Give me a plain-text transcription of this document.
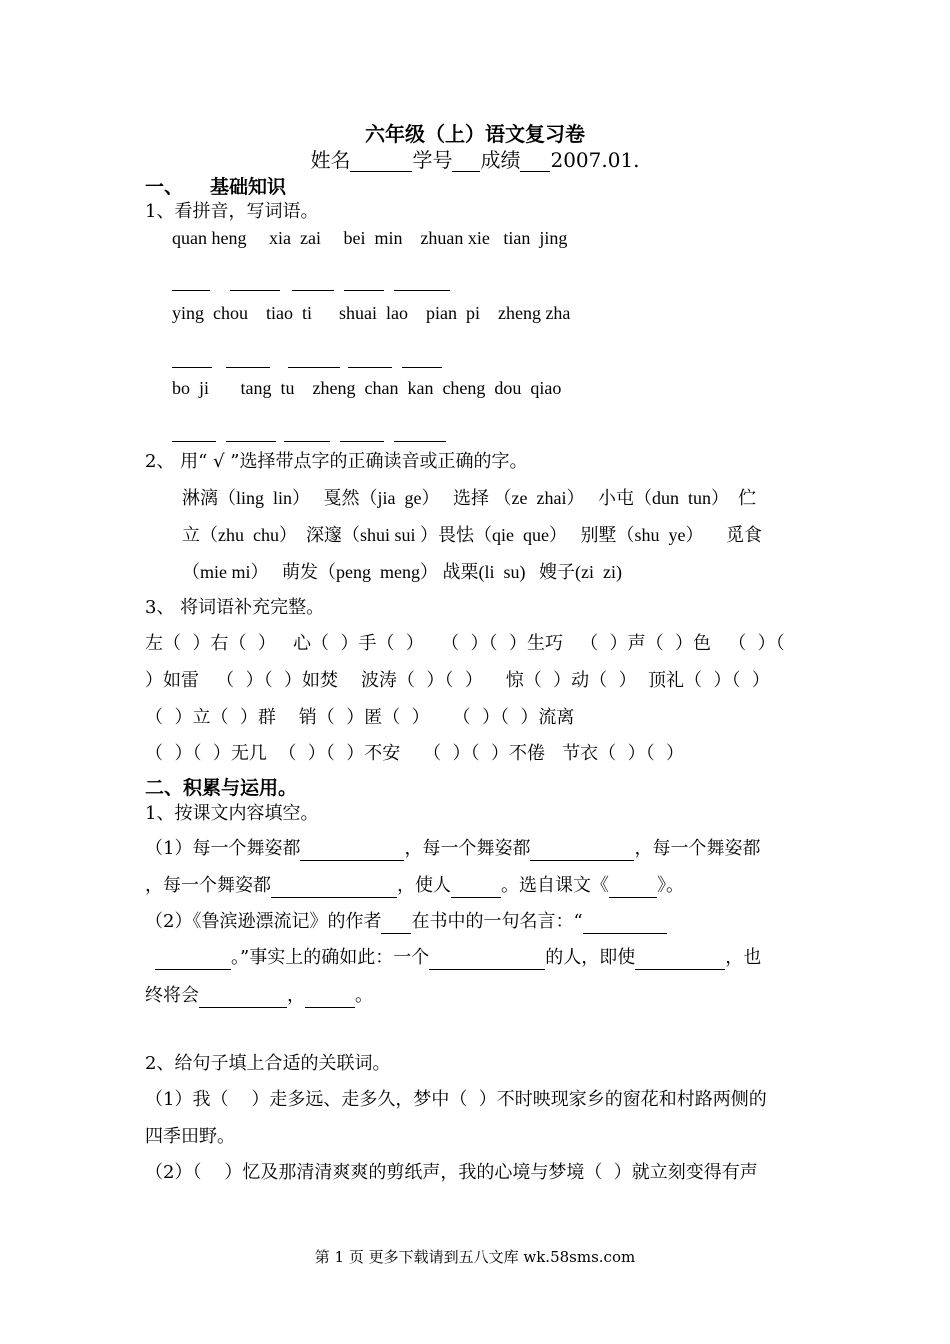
六年级（上）语文复习卷
姓名	学号 成绩 2007.01.
一、 基础知识
1、看拼音，写词语。
quan heng     xia  zai     bei  min    zhuan xie   tian  jing
ying  chou    tiao  ti      shuai  lao    pian  pi    zheng zha
bo  ji       tang  tu    zheng  chan  kan  cheng  dou  qiao
2、 用“ √ ”选择带点字的正确读音或正确的字。
淋漓（ling  lin）   戛然（jia  ge）   选择 （ze  zhai）   小屯（dun  tun）  伫
立（zhu  chu）  深邃（shui sui ）畏怯（qie  que）   别墅（shu  ye）     觅食
（mie mi）   萌发（peng  meng） 战栗(li  su)   嫂子(zi  zi)
3、 将词语补充完整。
左（  ）右（  ）   心（  ）手（  ）   （  ）（  ）生巧   （  ）声（  ）色   （  ）（
）如雷   （  ）（  ）如焚    波涛（  ）（  ）    惊（  ）动（  ）  顶礼（  ）（  ）
（  ）立（  ）群    销（  ）匿（  ）    （  ）（  ）流离
（  ）（  ）无几  （  ）（  ）不安    （  ）（  ）不倦   节衣（  ）（  ）
二、积累与运用。
1、按课文内容填空。
（1）每一个舞姿都	，每一个舞姿都	，每一个舞姿都
，每一个舞姿都	，使人	。选自课文《	》。
（2）《鲁滨逊漂流记》的作者 在书中的一句名言：“
。”事实上的确如此：一个	的人，即使	，也
终将会	，	。
2、给句子填上合适的关联词。
（1）我（    ）走多远、走多久，梦中（  ）不时映现家乡的窗花和村路两侧的
四季田野。
（2）（    ）忆及那清清爽爽的剪纸声，我的心境与梦境（  ）就立刻变得有声
第 1 页 更多下载请到五八文库 wk.58sms.com
